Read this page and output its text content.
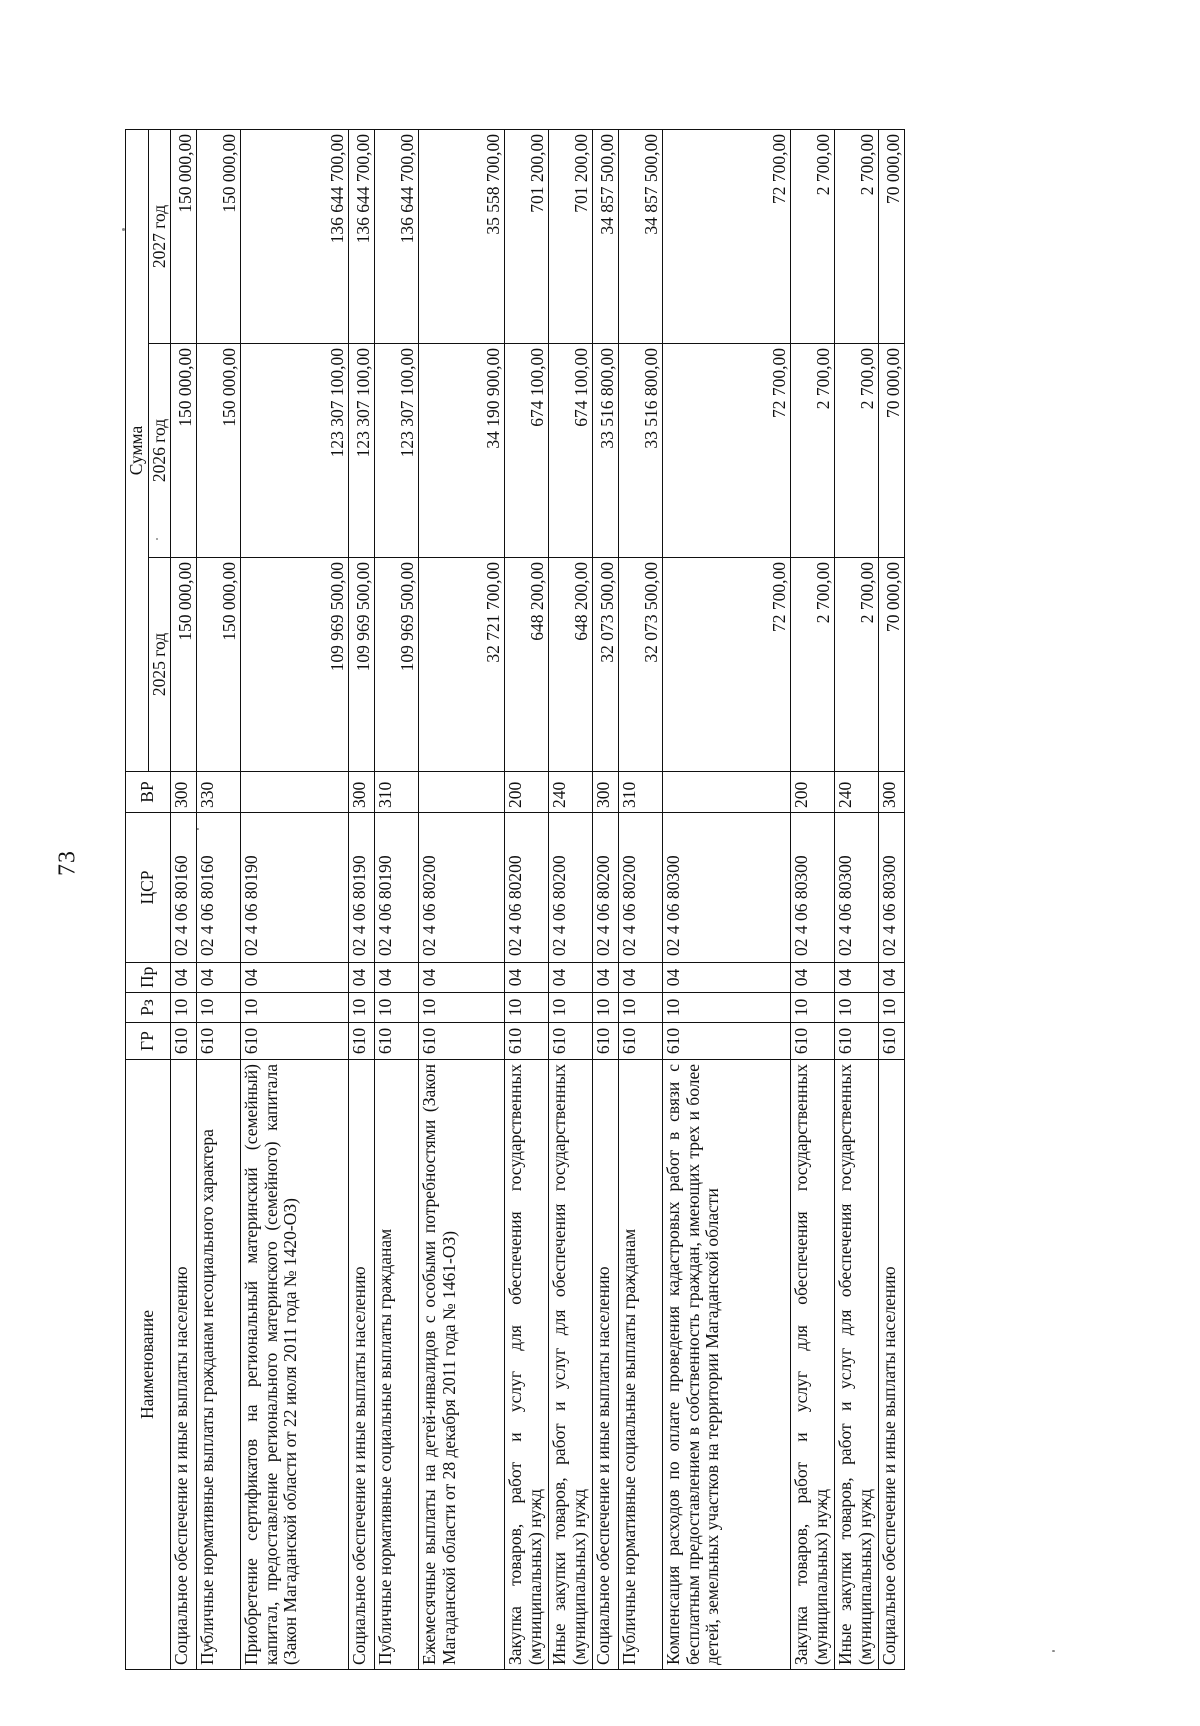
73
Наименование	ГР	Рз	Пр	ЦСР	ВР	Сумма		
						2025 год	2026 год	2027 год
Социальное обеспечение и иные выплаты населению	610	10	04	02 4 06 80160	300	150 000,00	150 000,00	150 000,00
Публичные нормативные выплаты гражданам несоциального характера	610	10	04	02 4 06 80160	330	150 000,00	150 000,00	150 000,00
Приобретение сертификатов на региональный материнский (семейный) капитал, предоставление регионального материнского (семейного) капитала (Закон Магаданской области от 22 июля 2011 года № 1420-ОЗ)	610	10	04	02 4 06 80190		109 969 500,00	123 307 100,00	136 644 700,00
Социальное обеспечение и иные выплаты населению	610	10	04	02 4 06 80190	300	109 969 500,00	123 307 100,00	136 644 700,00
Публичные нормативные социальные выплаты гражданам	610	10	04	02 4 06 80190	310	109 969 500,00	123 307 100,00	136 644 700,00
Ежемесячные выплаты на детей-инвалидов с особыми потребностями (Закон Магаданской области от 28 декабря 2011 года № 1461-ОЗ)	610	10	04	02 4 06 80200		32 721 700,00	34 190 900,00	35 558 700,00
Закупка товаров, работ и услуг для обеспечения государственных (муниципальных) нужд	610	10	04	02 4 06 80200	200	648 200,00	674 100,00	701 200,00
Иные закупки товаров, работ и услуг для обеспечения государственных (муниципальных) нужд	610	10	04	02 4 06 80200	240	648 200,00	674 100,00	701 200,00
Социальное обеспечение и иные выплаты населению	610	10	04	02 4 06 80200	300	32 073 500,00	33 516 800,00	34 857 500,00
Публичные нормативные социальные выплаты гражданам	610	10	04	02 4 06 80200	310	32 073 500,00	33 516 800,00	34 857 500,00
Компенсация расходов по оплате проведения кадастровых работ в связи с бесплатным предоставлением в собственность граждан, имеющих трех и более детей, земельных участков на территории Магаданской области	610	10	04	02 4 06 80300		72 700,00	72 700,00	72 700,00
Закупка товаров, работ и услуг для обеспечения государственных (муниципальных) нужд	610	10	04	02 4 06 80300	200	2 700,00	2 700,00	2 700,00
Иные закупки товаров, работ и услуг для обеспечения государственных (муниципальных) нужд	610	10	04	02 4 06 80300	240	2 700,00	2 700,00	2 700,00
Социальное обеспечение и иные выплаты населению	610	10	04	02 4 06 80300	300	70 000,00	70 000,00	70 000,00
